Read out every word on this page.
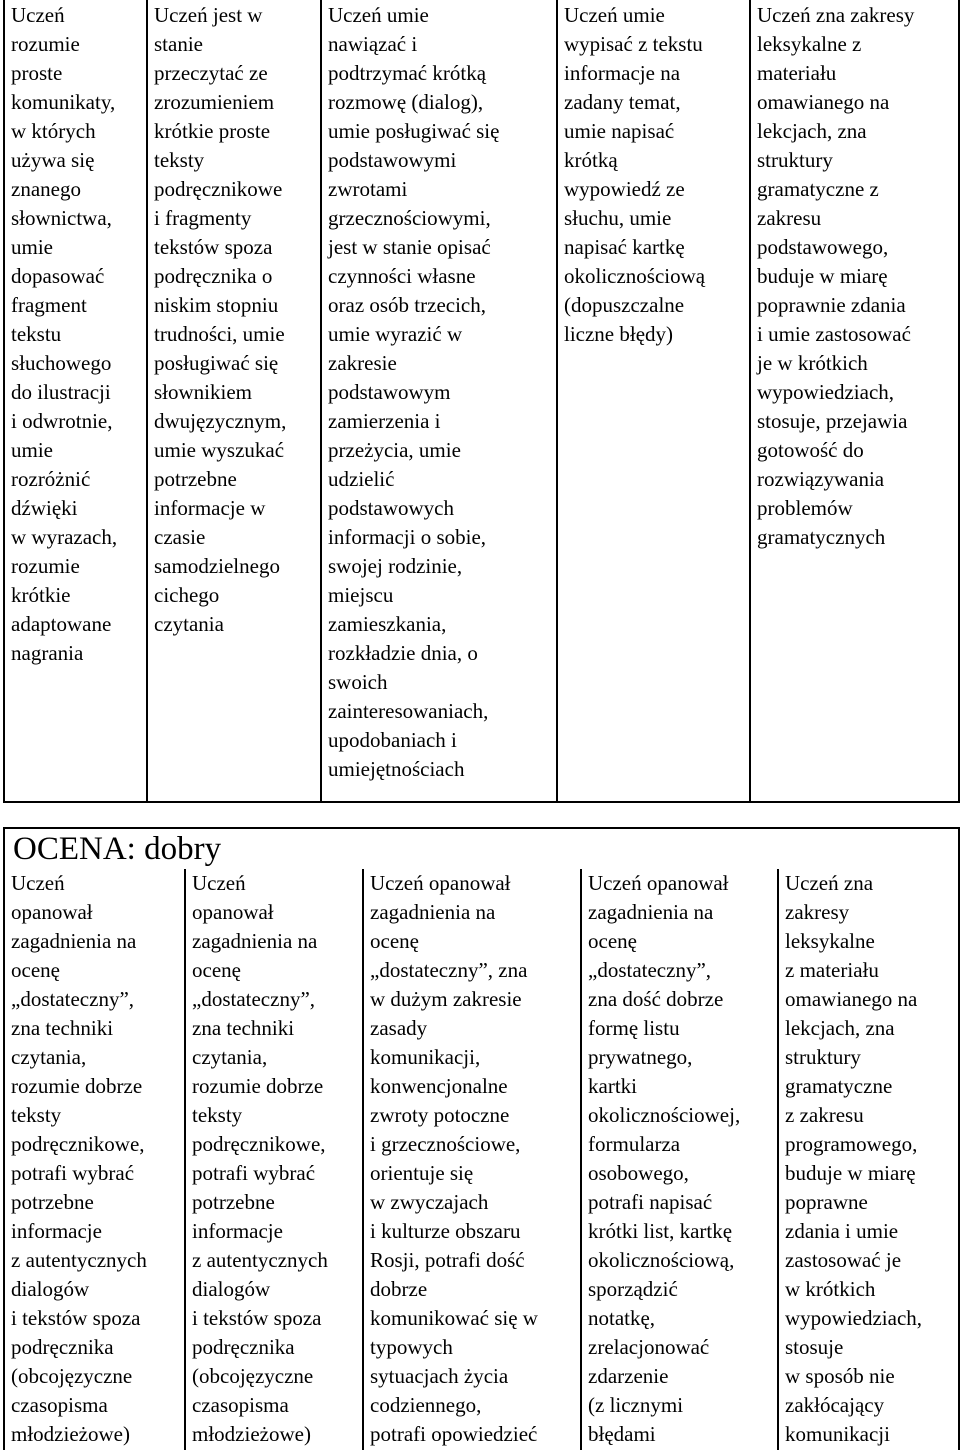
Uczeń
rozumie
proste
komunikaty,
w których
używa się
znanego
słownictwa,
umie
dopasować
fragment
tekstu
słuchowego
do ilustracji
i odwrotnie,
umie
rozróżnić
dźwięki
w wyrazach,
rozumie
krótkie
adaptowane
nagrania	Uczeń jest w
stanie
przeczytać ze
zrozumieniem
krótkie proste
teksty
podręcznikowe
i fragmenty
tekstów spoza
podręcznika o
niskim stopniu
trudności, umie
posługiwać się
słownikiem
dwujęzycznym,
umie wyszukać
potrzebne
informacje w
czasie
samodzielnego
cichego
czytania	Uczeń umie
nawiązać i
podtrzymać krótką
rozmowę (dialog),
umie posługiwać się
podstawowymi
zwrotami
grzecznościowymi,
jest w stanie opisać
czynności własne
oraz osób trzecich,
umie wyrazić w
zakresie
podstawowym
zamierzenia i
przeżycia, umie
udzielić
podstawowych
informacji o sobie,
swojej rodzinie,
miejscu
zamieszkania,
rozkładzie dnia, o
swoich
zainteresowaniach,
upodobaniach i
umiejętnościach	Uczeń umie
wypisać z tekstu
informacje na
zadany temat,
umie napisać
krótką
wypowiedź ze
słuchu, umie
napisać kartkę
okolicznościową
(dopuszczalne
liczne błędy)	Uczeń zna zakresy
leksykalne z
materiału
omawianego na
lekcjach, zna
struktury
gramatyczne z
zakresu
podstawowego,
buduje w miarę
poprawnie zdania
i umie zastosować
je w krótkich
wypowiedziach,
stosuje, przejawia
gotowość do
rozwiązywania
problemów
gramatycznych
OCENA: dobry
Uczeń
opanował
zagadnienia na
ocenę
„dostateczny”,
zna techniki
czytania,
rozumie dobrze
teksty
podręcznikowe,
potrafi wybrać
potrzebne
informacje
z autentycznych
dialogów
i tekstów spoza
podręcznika
(obcojęzyczne
czasopisma
młodzieżowe)	Uczeń
opanował
zagadnienia na
ocenę
„dostateczny”,
zna techniki
czytania,
rozumie dobrze
teksty
podręcznikowe,
potrafi wybrać
potrzebne
informacje
z autentycznych
dialogów
i tekstów spoza
podręcznika
(obcojęzyczne
czasopisma
młodzieżowe)	Uczeń opanował
zagadnienia na
ocenę
„dostateczny”, zna
w dużym zakresie
zasady
komunikacji,
konwencjonalne
zwroty potoczne
i grzecznościowe,
orientuje się
w zwyczajach
i kulturze obszaru
Rosji, potrafi dość
dobrze
komunikować się w
typowych
sytuacjach życia
codziennego,
potrafi opowiedzieć	Uczeń opanował
zagadnienia na
ocenę
„dostateczny”,
zna dość dobrze
formę listu
prywatnego,
kartki
okolicznościowej,
formularza
osobowego,
potrafi napisać
krótki list, kartkę
okolicznościową,
sporządzić
notatkę,
zrelacjonować
zdarzenie
(z licznymi
błędami	Uczeń zna
zakresy
leksykalne
z materiału
omawianego na
lekcjach, zna
struktury
gramatyczne
z zakresu
programowego,
buduje w miarę
poprawne
zdania i umie
zastosować je
w krótkich
wypowiedziach,
stosuje
w sposób nie
zakłócający
komunikacji
